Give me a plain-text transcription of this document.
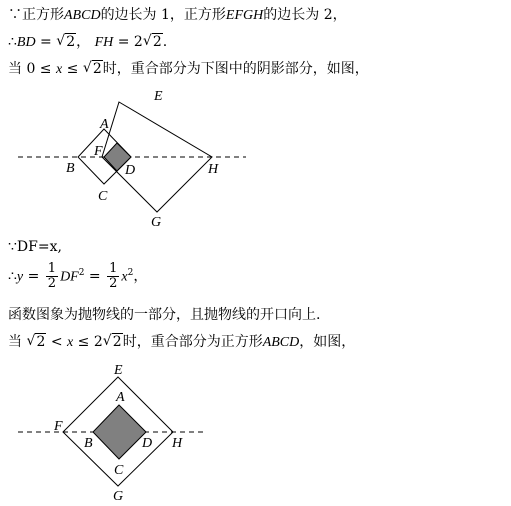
∵正方形ABCD的边长为 1，正方形EFGH的边长为 2，
∴BD = √ 2， FH = 2 √ 2.
当 0 ≤ x ≤ √ 2时，重合部分为下图中的阴影部分，如图，
∵DF=x,
∴y = $\frac{1}{2} DF^2 = \frac{1}{2} x^2$，
函数图象为抛物线的一部分，且抛物线的开口向上.
当 √ 2 < x ≤ 2 √ 2时，重合部分为正方形ABCD，如图，
E
A
F
B	D	H
C
G
E
A
F
B	D H
C
G
